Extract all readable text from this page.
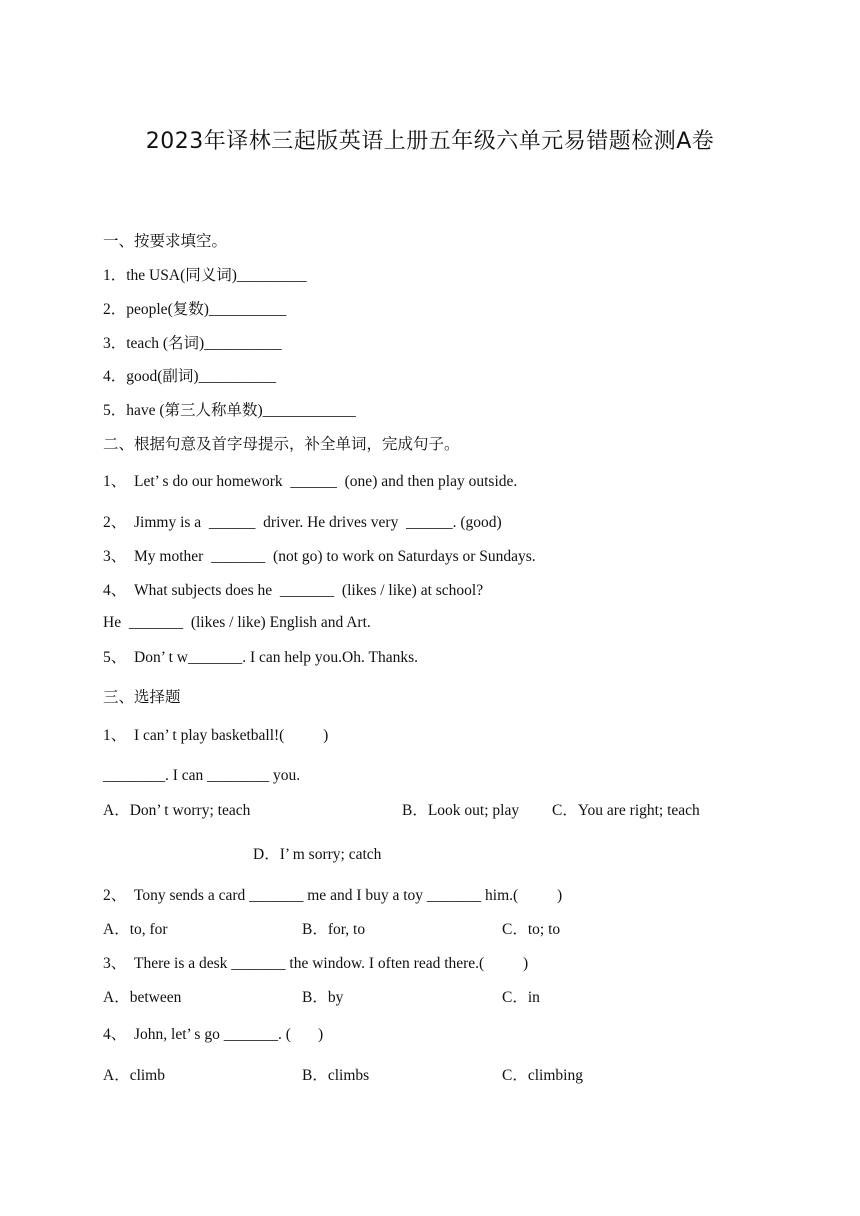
2023年译林三起版英语上册五年级六单元易错题检测A卷
一、按要求填空。
1．the USA(同义词)_________
2．people(复数)__________
3．teach (名词)__________
4．good(副词)__________
5．have (第三人称单数)____________
二、根据句意及首字母提示，补全单词，完成句子。
1、  Let’ s do our homework  ______  (one) and then play outside.
2、  Jimmy is a  ______  driver. He drives very  ______. (good)
3、  My mother  _______  (not go) to work on Saturdays or Sundays.
4、  What subjects does he  _______  (likes / like) at school?
He  _______  (likes / like) English and Art.
5、  Don’ t w_______. I can help you.Oh. Thanks.
三、选择题
1、  I can’ t play basketball!(          )
________. I can ________ you.
A．Don’ t worry; teach	B．Look out; play C．You are right; teach
D．I’ m sorry; catch
2、  Tony sends a card _______ me and I buy a toy _______ him.(          )
A．to, for	B．for, to	C．to; to
3、  There is a desk _______ the window. I often read there.(          )
A．between	B．by	C．in
4、  John, let’ s go _______. (       )
A．climb	B．climbs	C．climbing
